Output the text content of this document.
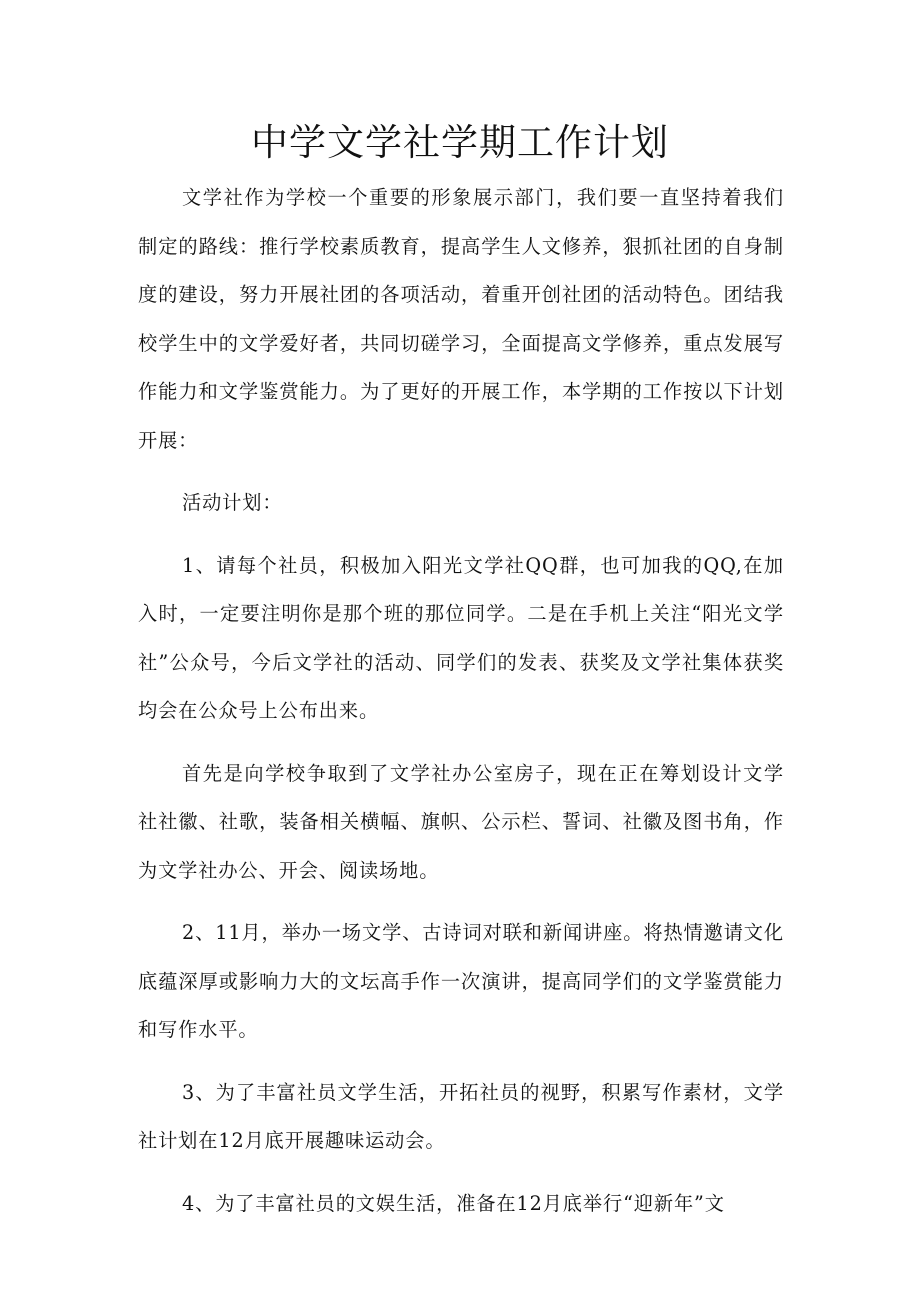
中学文学社学期工作计划

文学社作为学校一个重要的形象展示部门，我们要一直坚持着我们制定的路线：推行学校素质教育，提高学生人文修养，狠抓社团的自身制度的建设，努力开展社团的各项活动，着重开创社团的活动特色。团结我校学生中的文学爱好者，共同切磋学习，全面提高文学修养，重点发展写作能力和文学鉴赏能力。为了更好的开展工作，本学期的工作按以下计划开展：

活动计划：

1、请每个社员，积极加入阳光文学社QQ群，也可加我的QQ,在加入时，一定要注明你是那个班的那位同学。二是在手机上关注“阳光文学社”公众号，今后文学社的活动、同学们的发表、获奖及文学社集体获奖均会在公众号上公布出来。

首先是向学校争取到了文学社办公室房子，现在正在筹划设计文学社社徽、社歌，装备相关横幅、旗帜、公示栏、誓词、社徽及图书角，作为文学社办公、开会、阅读场地。

2、11月，举办一场文学、古诗词对联和新闻讲座。将热情邀请文化底蕴深厚或影响力大的文坛高手作一次演讲，提高同学们的文学鉴赏能力和写作水平。

3、为了丰富社员文学生活，开拓社员的视野，积累写作素材，文学社计划在12月底开展趣味运动会。

4、为了丰富社员的文娱生活，准备在12月底举行“迎新年”文
